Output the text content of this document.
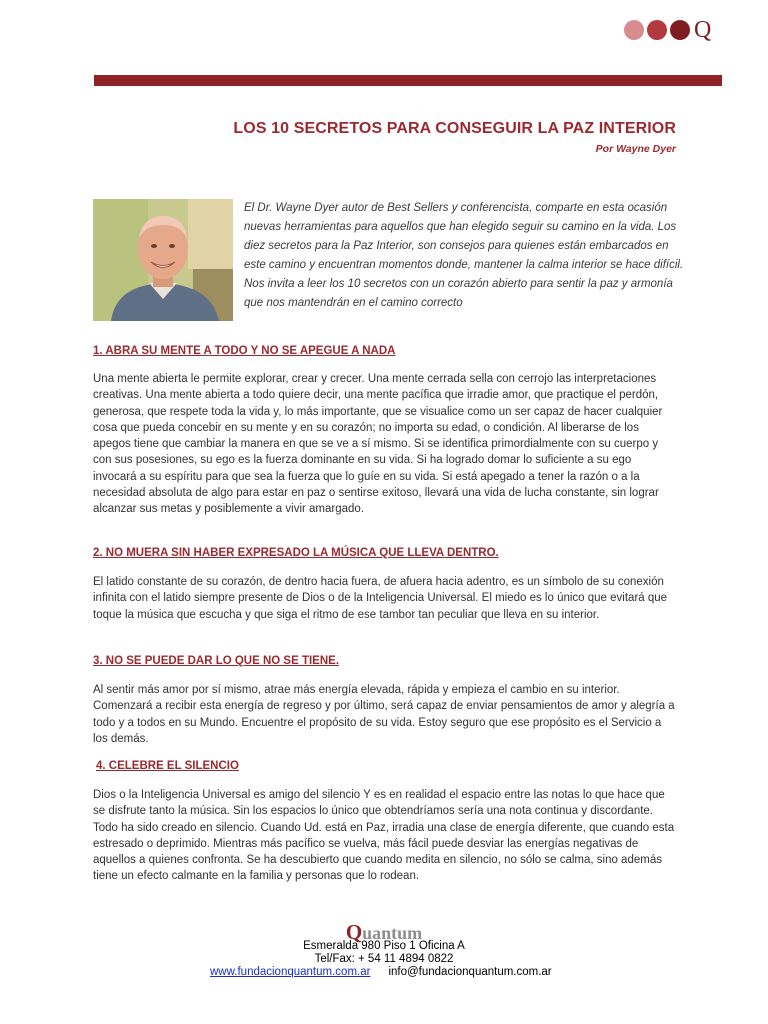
Q
LOS 10 SECRETOS PARA CONSEGUIR LA PAZ INTERIOR
Por Wayne Dyer
El Dr. Wayne Dyer autor de Best Sellers y conferencista, comparte en esta ocasión nuevas herramientas para aquellos que han elegido seguir su camino en la vida. Los diez secretos para la Paz Interior, son consejos para quienes están embarcados en este camino y encuentran momentos donde, mantener la calma interior se hace difícil. Nos invita a leer los 10 secretos con un corazón abierto para sentir la paz y armonía que nos mantendrán en el camino correcto
1. ABRA SU MENTE A TODO Y NO SE APEGUE A NADA
Una mente abierta le permite explorar, crear y crecer. Una mente cerrada sella con cerrojo las interpretaciones creativas. Una mente abierta a todo quiere decir, una mente pacífica que irradie amor, que practique el perdón, generosa, que respete toda la vida y, lo más importante, que se visualice como un ser capaz de hacer cualquier cosa que pueda concebir en su mente y en su corazón; no importa su edad, o condición. Al liberarse de los apegos tiene que cambiar la manera en que se ve a sí mismo. Si se identifica primordialmente con su cuerpo y con sus posesiones, su ego es la fuerza dominante en su vida. Si ha logrado domar lo suficiente a su ego invocará a su espíritu para que sea la fuerza que lo guíe en su vida. Si está apegado a tener la razón o a la necesidad absoluta de algo para estar en paz o sentirse exitoso, llevará una vida de lucha constante, sin lograr alcanzar sus metas y posiblemente a vivir amargado.
2. NO MUERA SIN HABER EXPRESADO LA MÚSICA QUE LLEVA DENTRO.
El latido constante de su corazón, de dentro hacia fuera, de afuera hacia adentro, es un símbolo de su conexión infinita con el latido siempre presente de Dios o de la Inteligencia Universal. El miedo es lo único que evitará que toque la música que escucha y que siga el ritmo de ese tambor tan peculiar que lleva en su interior.
3. NO SE PUEDE DAR LO QUE NO SE TIENE.
Al sentir más amor por sí mismo, atrae más energía elevada, rápida y empieza el cambio en su interior. Comenzará a recibir esta energía de regreso y por último, será capaz de enviar pensamientos de amor y alegría a todo y a todos en su Mundo. Encuentre el propósito de su vida. Estoy seguro que ese propósito es el Servicio a los demás.
4. CELEBRE EL SILENCIO
Dios o la Inteligencia Universal es amigo del silencio Y es en realidad el espacio entre las notas lo que hace que se disfrute tanto la música. Sin los espacios lo único que obtendríamos sería una nota continua y discordante. Todo ha sido creado en silencio. Cuando Ud. está en Paz, irradia una clase de energía diferente, que cuando esta estresado o deprimido. Mientras más pacífico se vuelva, más fácil puede desviar las energías negativas de aquellos a quienes confronta. Se ha descubierto que cuando medita en silencio, no sólo se calma, sino además tiene un efecto calmante en la familia y personas que lo rodean.
Quantum
Esmeralda 980 Piso 1 Oficina A
Tel/Fax: + 54 11 4894 0822
www.fundacionquantum.com.ar info@fundacionquantum.com.ar
